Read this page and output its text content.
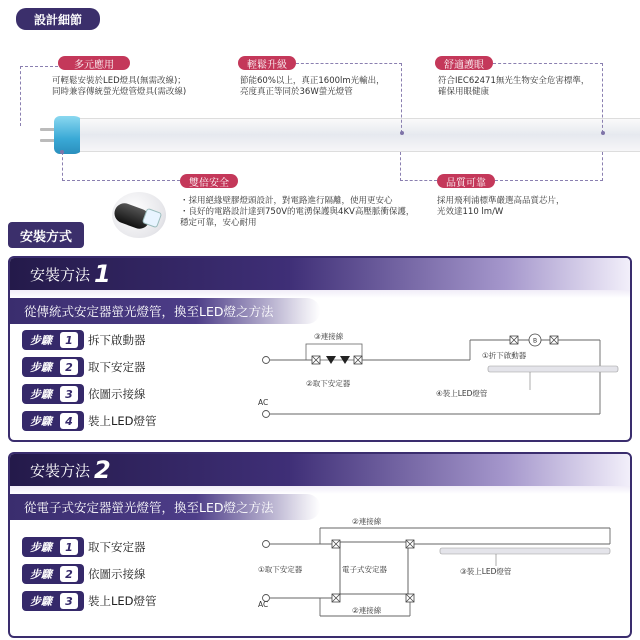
設計細節
多元應用
可輕鬆安裝於LED燈具(無需改線)；
同時兼容傳統螢光燈管燈具(需改線)
輕鬆升級
節能60%以上，真正1600lm光輸出，
亮度真正等同於36W螢光燈管
舒適護眼
符合IEC62471無光生物安全危害標準，
確保用眼健康
雙倍安全
・採用絕緣壁膠燈頭設計，對電路進行隔離，使用更安心
・良好的電路設計達到750V的電湧保護與4KV高壓脈衝保護，
穩定可靠，安心耐用
品質可靠
採用飛利浦標準嚴選高品質芯片，
光效達110 lm/W
安裝方式
安裝方法 1
從傳統式安定器螢光燈管，換至LED燈之方法
步驟	1	拆下啟動器
步驟	2	取下安定器
步驟	3	依圖示接線
步驟	4	裝上LED燈管
B
③連接線
①折下啟動器
②取下安定器
④裝上LED燈管
AC
安裝方法 2
從電子式安定器螢光燈管，換至LED燈之方法
步驟	1	取下安定器
步驟	2	依圖示接線
步驟	3	裝上LED燈管
②連接線
電子式安定器
①取下安定器	③裝上LED燈管
②連接線
AC
